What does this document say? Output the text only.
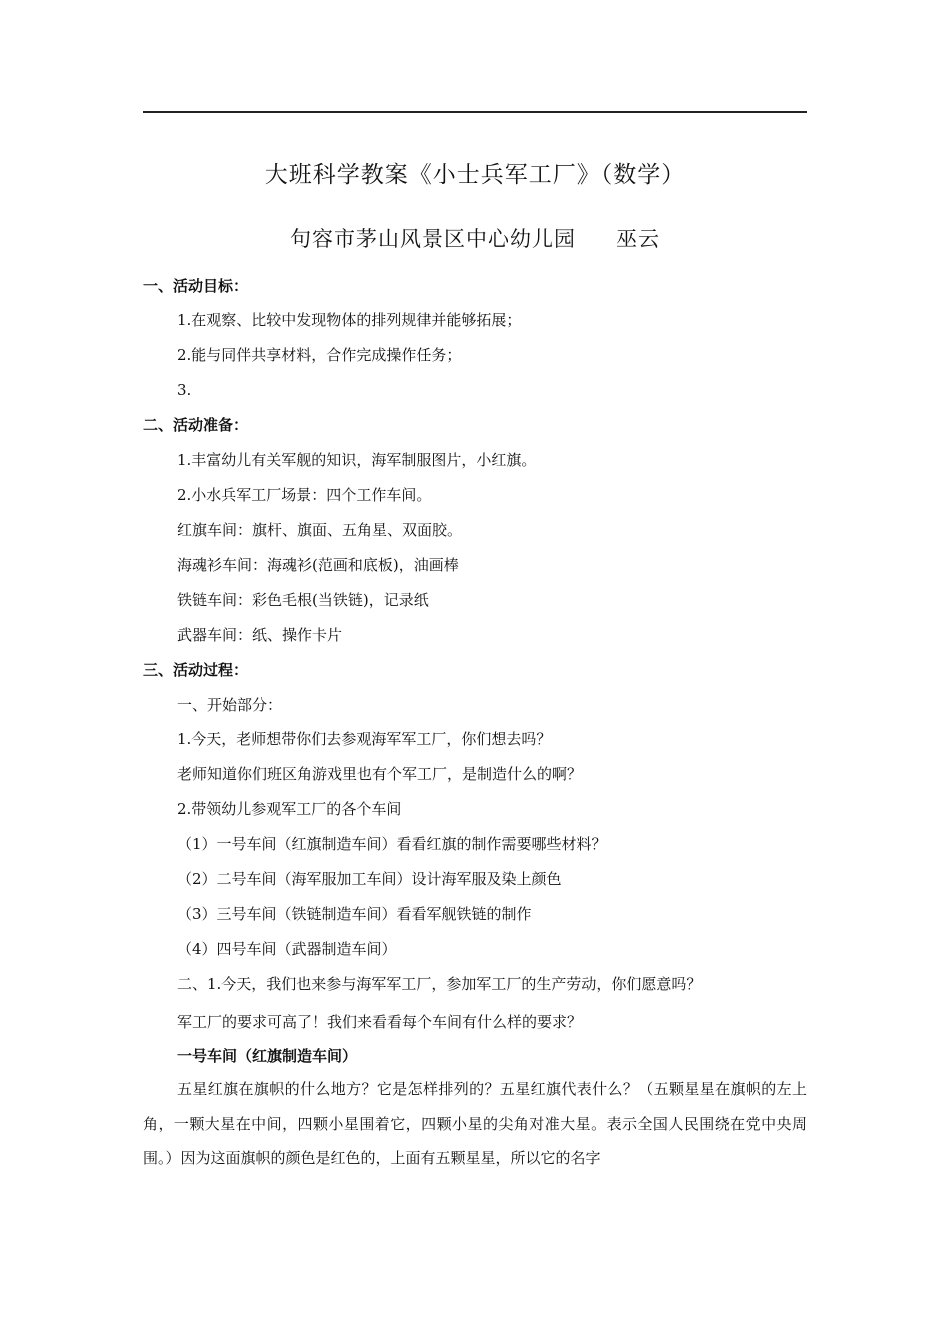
大班科学教案《小士兵军工厂》（数学）
句容市茅山风景区中心幼儿园 巫云
一、活动目标：
1.在观察、比较中发现物体的排列规律并能够拓展；
2.能与同伴共享材料，合作完成操作任务；
3.
二、活动准备：
1.丰富幼儿有关军舰的知识，海军制服图片，小红旗。
2.小水兵军工厂场景：四个工作车间。
红旗车间：旗杆、旗面、五角星、双面胶。
海魂衫车间：海魂衫(范画和底板)，油画棒
铁链车间：彩色毛根(当铁链)，记录纸
武器车间：纸、操作卡片
三、活动过程：
一、开始部分：
1.今天，老师想带你们去参观海军军工厂，你们想去吗？
老师知道你们班区角游戏里也有个军工厂，是制造什么的啊？
2.带领幼儿参观军工厂的各个车间
（1）一号车间（红旗制造车间）看看红旗的制作需要哪些材料？
（2）二号车间（海军服加工车间）设计海军服及染上颜色
（3）三号车间（铁链制造车间）看看军舰铁链的制作
（4）四号车间（武器制造车间）
二、1.今天，我们也来参与海军军工厂，参加军工厂的生产劳动，你们愿意吗？
军工厂的要求可高了！我们来看看每个车间有什么样的要求？
一号车间（红旗制造车间）
五星红旗在旗帜的什么地方？它是怎样排列的？五星红旗代表什么？（五颗星星在旗帜的左上角，一颗大星在中间，四颗小星围着它，四颗小星的尖角对准大星。表示全国人民围绕在党中央周围。）因为这面旗帜的颜色是红色的，上面有五颗星星，所以它的名字
